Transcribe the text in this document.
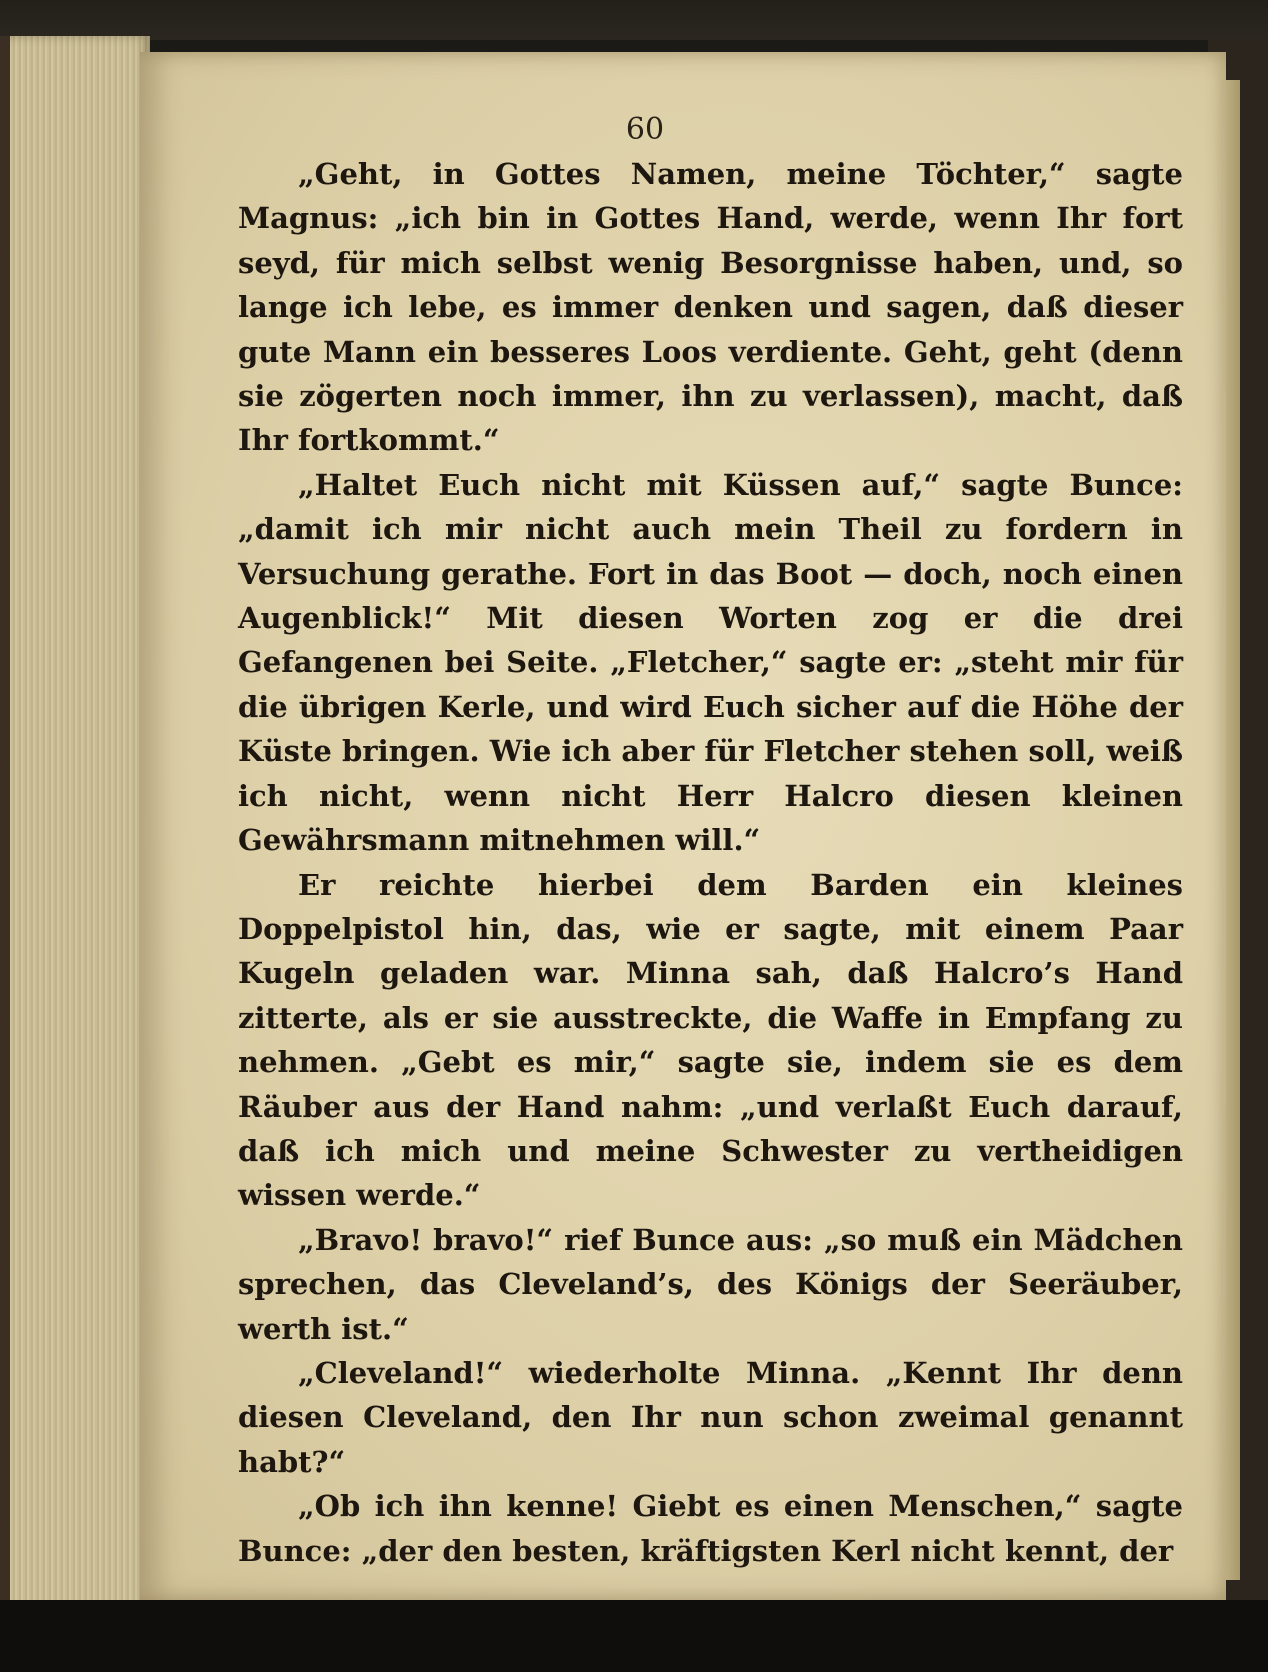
60

„Geht, in Gottes Namen, meine Töchter,“ sagte Magnus: „ich bin in Gottes Hand, werde, wenn Ihr fort seyd, für mich selbst wenig Besorgnisse haben, und, so lange ich lebe, es immer denken und sagen, daß dieser gute Mann ein besseres Loos verdiente. Geht, geht (denn sie zögerten noch immer, ihn zu verlassen), macht, daß Ihr fortkommt.“

„Haltet Euch nicht mit Küssen auf,“ sagte Bunce: „damit ich mir nicht auch mein Theil zu fordern in Versuchung gerathe. Fort in das Boot — doch, noch einen Augenblick!“ Mit diesen Worten zog er die drei Gefangenen bei Seite. „Fletcher,“ sagte er: „steht mir für die übrigen Kerle, und wird Euch sicher auf die Höhe der Küste bringen. Wie ich aber für Fletcher stehen soll, weiß ich nicht, wenn nicht Herr Halcro diesen kleinen Gewährsmann mitnehmen will.“

Er reichte hierbei dem Barden ein kleines Doppelpistol hin, das, wie er sagte, mit einem Paar Kugeln geladen war. Minna sah, daß Halcro’s Hand zitterte, als er sie ausstreckte, die Waffe in Empfang zu nehmen. „Gebt es mir,“ sagte sie, indem sie es dem Räuber aus der Hand nahm: „und verlaßt Euch darauf, daß ich mich und meine Schwester zu vertheidigen wissen werde.“

„Bravo! bravo!“ rief Bunce aus: „so muß ein Mädchen sprechen, das Cleveland’s, des Königs der Seeräuber, werth ist.“

„Cleveland!“ wiederholte Minna. „Kennt Ihr denn diesen Cleveland, den Ihr nun schon zweimal genannt habt?“

„Ob ich ihn kenne! Giebt es einen Menschen,“ sagte Bunce: „der den besten, kräftigsten Kerl nicht kennt, der
